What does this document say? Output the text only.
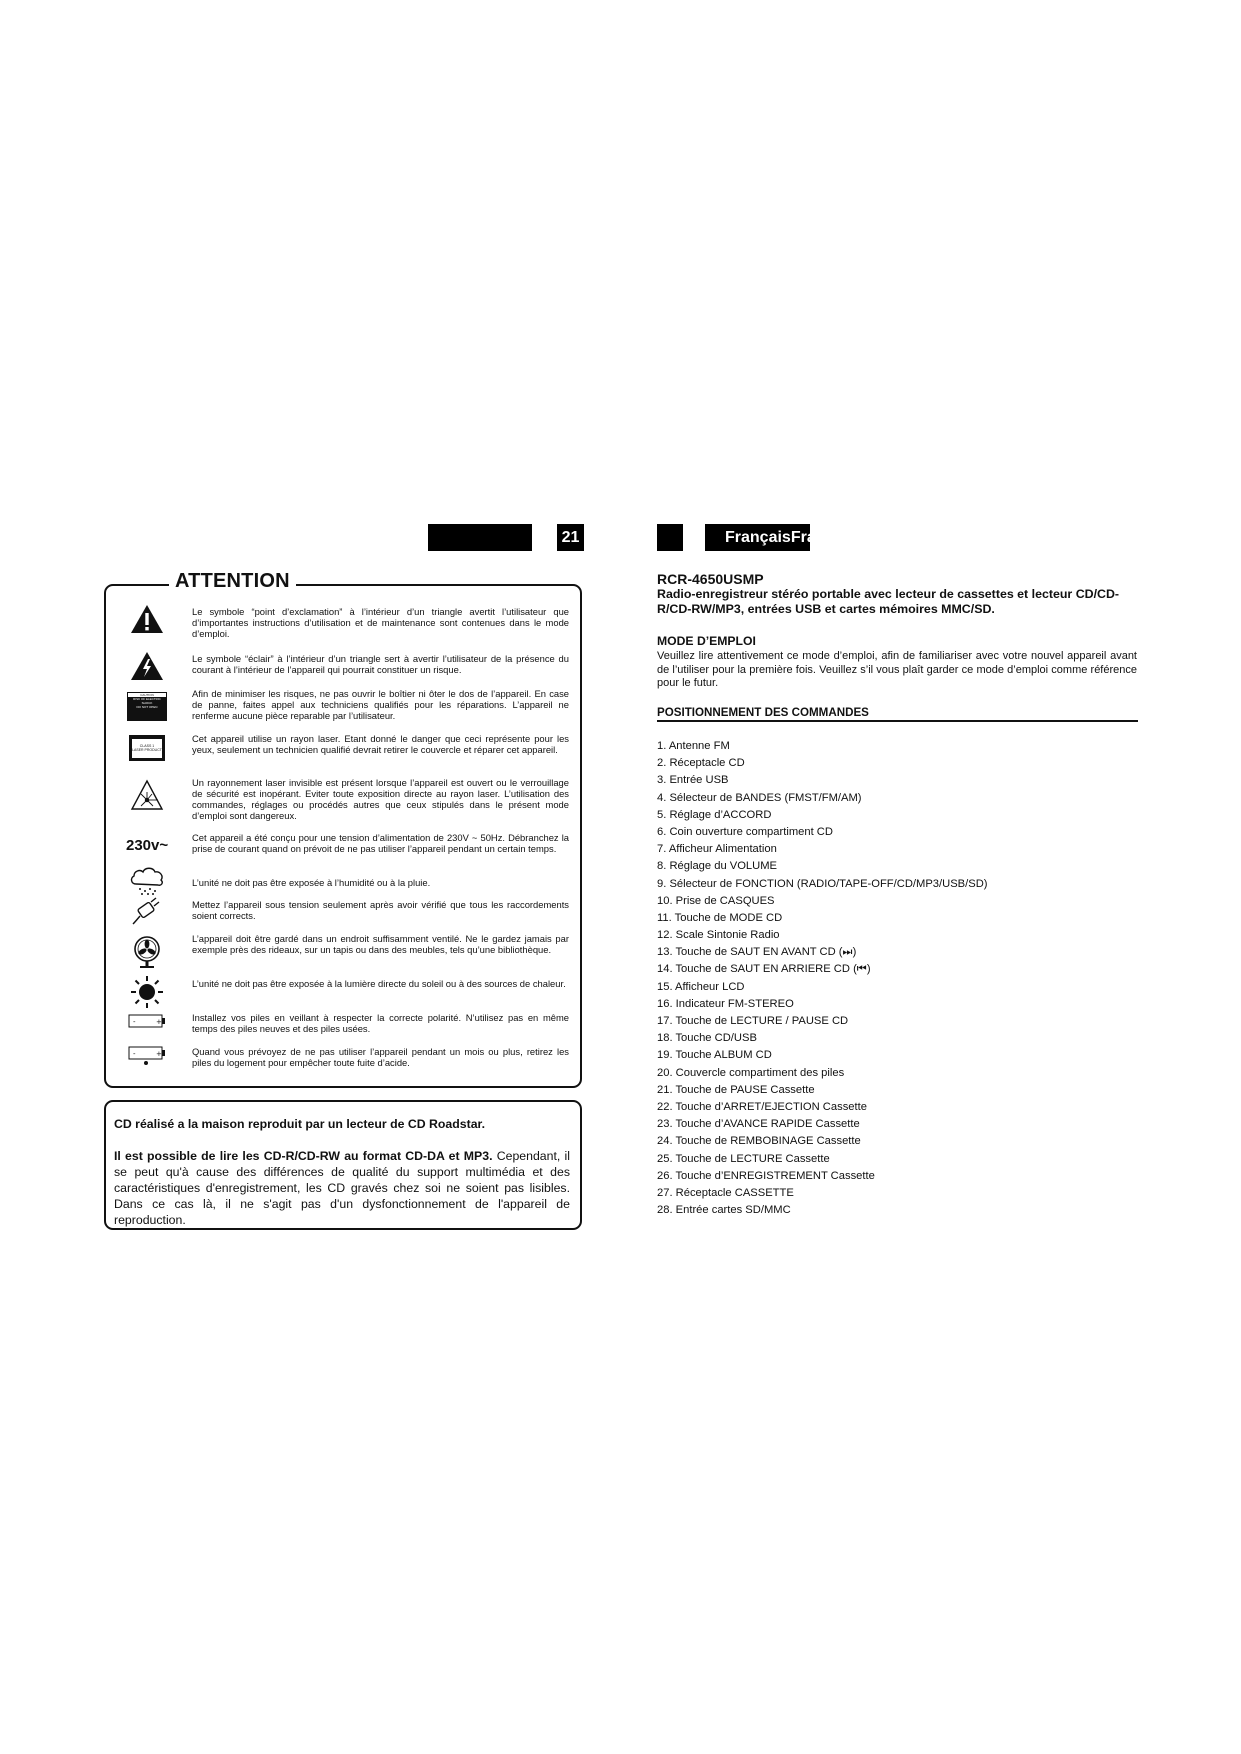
21	FrançaisFrançais
ATTENTION
Le symbole “point d’exclamation” à l’intérieur d’un triangle avertit l’utilisateur que d’importantes instructions d’utilisation et de maintenance sont contenues dans le mode d’emploi.
Le symbole “éclair” à l’intérieur d’un triangle sert à avertir l’utilisateur de la présence du courant à l’intérieur de l’appareil qui pourrait constituer un risque.
CAUTION
RISK OF ELECTRIC SHOCK
DO NOT OPEN
Afin de minimiser les risques, ne pas ouvrir le boîtier ni ôter le dos de l’appareil. En case de panne, faites appel aux techniciens qualifiés pour les réparations. L’appareil ne renferme aucune pièce reparable par l’utilisateur.
CLASS 1
LASER PRODUCT
Cet appareil utilise un rayon laser. Etant donné le danger que ceci représente pour les yeux, seulement un technicien qualifié devrait retirer le couvercle et réparer cet appareil.
Un rayonnement laser invisible est présent lorsque l’appareil est ouvert ou le verrouillage de sécurité est inopérant. Eviter toute exposition directe au rayon laser. L’utilisation des commandes, réglages ou procédés autres que ceux stipulés dans le présent mode d’emploi sont dangereux.
230v~	Cet appareil a été conçu pour une tension d’alimentation de 230V ~ 50Hz. Débranchez la prise de courant quand on prévoit de ne pas utiliser l’appareil pendant un certain temps.
L’unité ne doit pas être exposée à l’humidité ou à la pluie.
Mettez l’appareil sous tension seulement après avoir vérifié que tous les raccordements soient corrects.
L’appareil doit être gardé dans un endroit suffisamment ventilé. Ne le gardez jamais par exemple près des rideaux, sur un tapis ou dans des meubles, tels qu’une bibliothèque.
L’unité ne doit pas être exposée à la lumière directe du soleil ou à des sources de chaleur.
-	+	Installez vos piles en veillant à respecter la correcte polarité. N’utilisez pas en même temps des piles neuves et des piles usées.
-	+	Quand vous prévoyez de ne pas utiliser l’appareil pendant un mois ou plus, retirez les piles du logement pour empêcher toute fuite d’acide.
CD réalisé a la maison reproduit par un lecteur de CD Roadstar.
Il est possible de lire les CD-R/CD-RW au format CD-DA et MP3. Cependant, il se peut qu'à cause des différences de qualité du support multimédia et des caractéristiques d'enregistrement, les CD gravés chez soi ne soient pas lisibles. Dans ce cas là, il ne s'agit pas d'un dysfonctionnement de l'appareil de reproduction.
RCR-4650USMP
Radio-enregistreur stéréo portable avec lecteur de cassettes et lecteur CD/CD-R/CD-RW/MP3, entrées USB et cartes mémoires MMC/SD.
MODE D’EMPLOI
Veuillez lire attentivement ce mode d’emploi, afin de familiariser avec votre nouvel appareil avant de l’utiliser pour la première fois. Veuillez s’il vous plaît garder ce mode d’emploi comme référence pour le futur.
POSITIONNEMENT DES COMMANDES
1. Antenne FM
2. Réceptacle CD
3. Entrée USB
4. Sélecteur de BANDES (FMST/FM/AM)
5. Réglage d’ACCORD
6. Coin ouverture compartiment CD
7. Afficheur Alimentation
8. Réglage du VOLUME
9. Sélecteur de FONCTION (RADIO/TAPE-OFF/CD/MP3/USB/SD)
10. Prise de CASQUES
11. Touche de MODE CD
12. Scale Sintonie Radio
13. Touche de SAUT EN AVANT CD (⏭)
14. Touche de SAUT EN ARRIERE CD (⏮)
15. Afficheur LCD
16. Indicateur FM-STEREO
17. Touche de LECTURE / PAUSE CD
18. Touche CD/USB
19. Touche ALBUM CD
20. Couvercle compartiment des piles
21. Touche de PAUSE Cassette
22. Touche d’ARRET/EJECTION Cassette
23. Touche d’AVANCE RAPIDE Cassette
24. Touche de REMBOBINAGE Cassette
25. Touche de LECTURE Cassette
26. Touche d’ENREGISTREMENT Cassette
27. Réceptacle CASSETTE
28. Entrée cartes SD/MMC
